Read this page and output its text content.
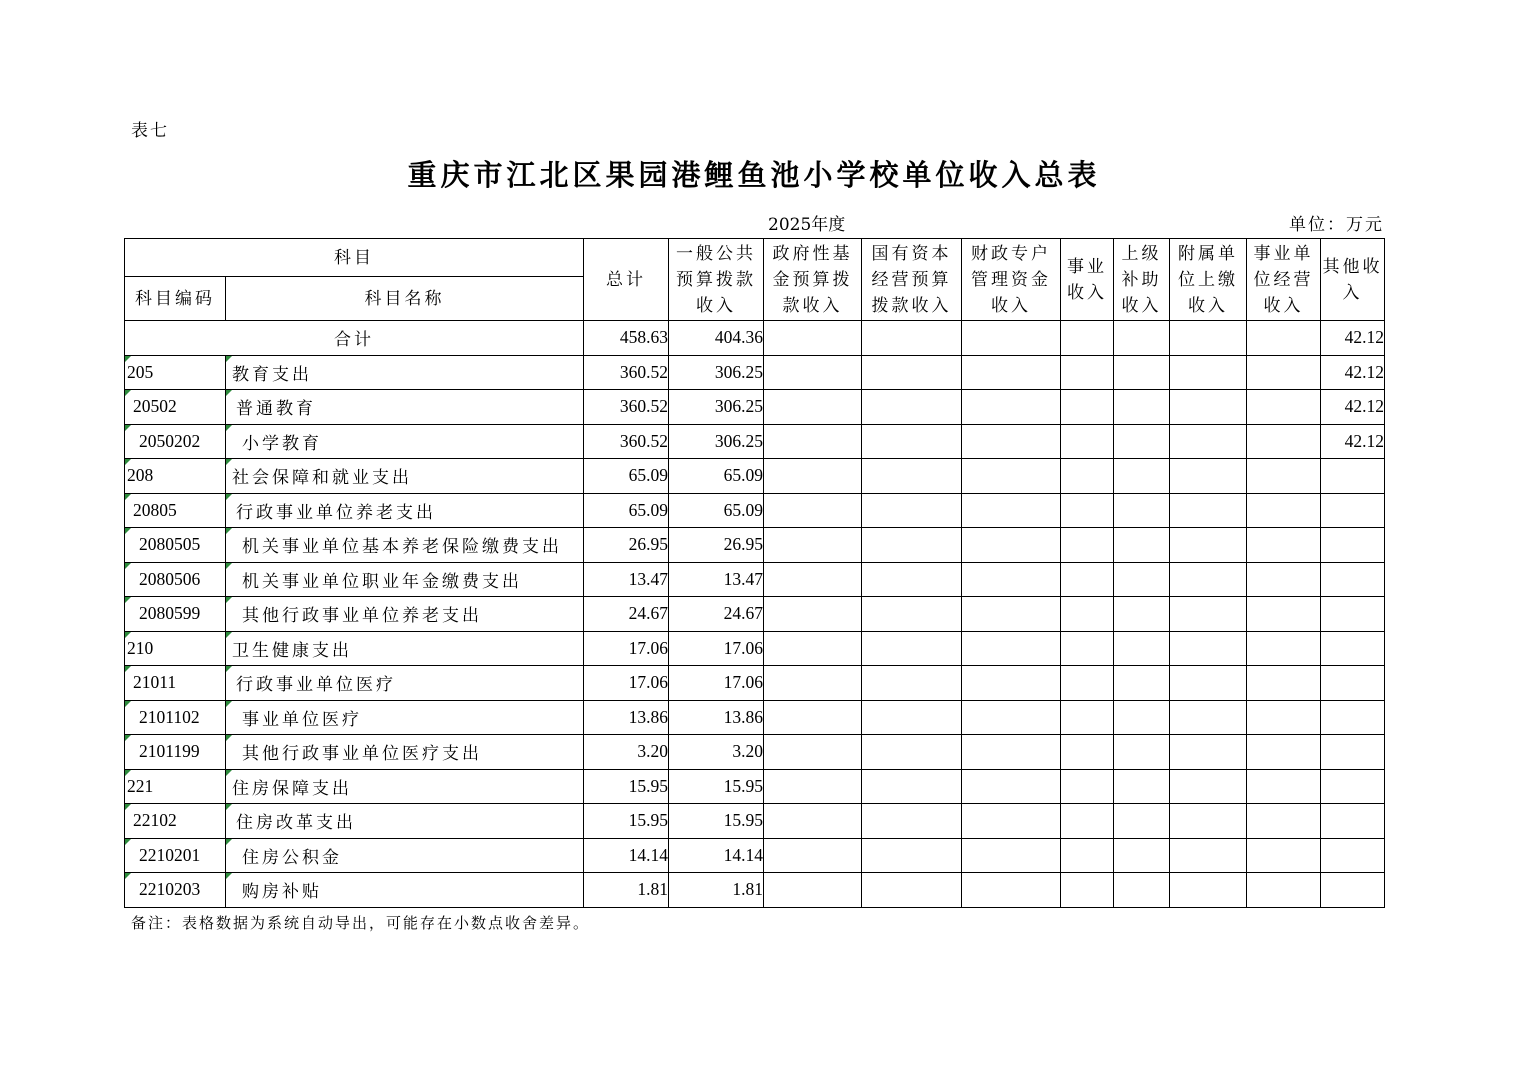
表七
重庆市江北区果园港鲤鱼池小学校单位收入总表
2025年度	单位：万元
科目		总计	一般公共预算拨款收入	政府性基金预算拨款收入	国有资本经营预算拨款收入	财政专户管理资金收入	事业收入	上级补助收入	附属单位上缴收入	事业单位经营收入	其他收入
科目编码	科目名称										
合计		458.63	404.36								42.12

205	教育支出	360.52	306.25								42.12

20502	普通教育	360.52	306.25								42.12

2050202	小学教育	360.52	306.25								42.12

208	社会保障和就业支出	65.09	65.09								

20805	行政事业单位养老支出	65.09	65.09								

2080505	机关事业单位基本养老保险缴费支出	26.95	26.95								

2080506	机关事业单位职业年金缴费支出	13.47	13.47								

2080599	其他行政事业单位养老支出	24.67	24.67								

210	卫生健康支出	17.06	17.06								

21011	行政事业单位医疗	17.06	17.06								

2101102	事业单位医疗	13.86	13.86								

2101199	其他行政事业单位医疗支出	3.20	3.20								

221	住房保障支出	15.95	15.95								

22102	住房改革支出	15.95	15.95								

2210201	住房公积金	14.14	14.14								

2210203	购房补贴	1.81	1.81								
备注：表格数据为系统自动导出，可能存在小数点收舍差异。
